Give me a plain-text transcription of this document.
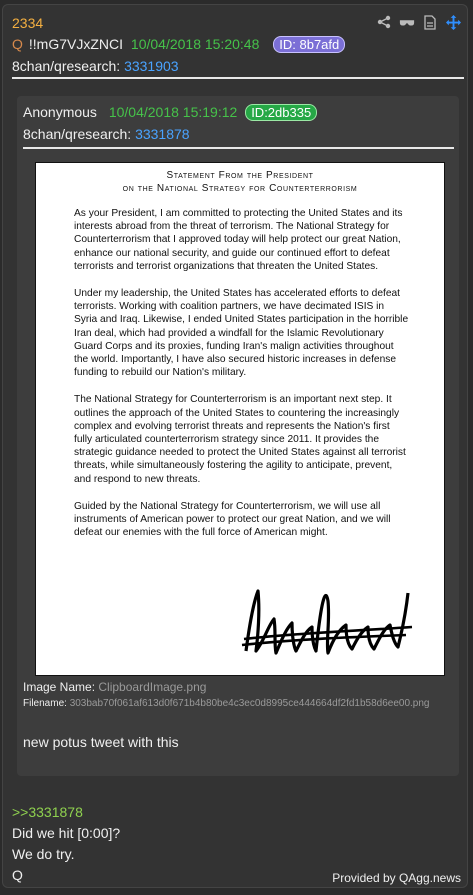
2334
Q !!mG7VJxZNCI 10/04/2018 15:20:48 ID: 8b7afd
8chan/qresearch: 3331903
Anonymous 10/04/2018 15:19:12 ID:2db335
8chan/qresearch: 3331878
Statement From the President
on the National Strategy for Counterterrorism

As your President, I am committed to protecting the United States and its interests abroad from the threat of terrorism. The National Strategy for Counterterrorism that I approved today will help protect our great Nation, enhance our national security, and guide our continued effort to defeat terrorists and terrorist organizations that threaten the United States.

Under my leadership, the United States has accelerated efforts to defeat terrorists. Working with coalition partners, we have decimated ISIS in Syria and Iraq. Likewise, I ended United States participation in the horrible Iran deal, which had provided a windfall for the Islamic Revolutionary Guard Corps and its proxies, funding Iran's malign activities throughout the world. Importantly, I have also secured historic increases in defense funding to rebuild our Nation's military.

The National Strategy for Counterterrorism is an important next step. It outlines the approach of the United States to countering the increasingly complex and evolving terrorist threats and represents the Nation's first fully articulated counterterrorism strategy since 2011. It provides the strategic guidance needed to protect the United States against all terrorist threats, while simultaneously fostering the agility to anticipate, prevent, and respond to new threats.

Guided by the National Strategy for Counterterrorism, we will use all instruments of American power to protect our great Nation, and we will defeat our enemies with the full force of American might.

Image Name: ClipboardImage.png
Filename: 303bab70f061af613d0f671b4b80be4c3ec0d8995ce444664df2fd1b58d6ee00.png
new potus tweet with this
>>3331878
Did we hit [0:00]?
We do try.
Q	Provided by QAgg.news
